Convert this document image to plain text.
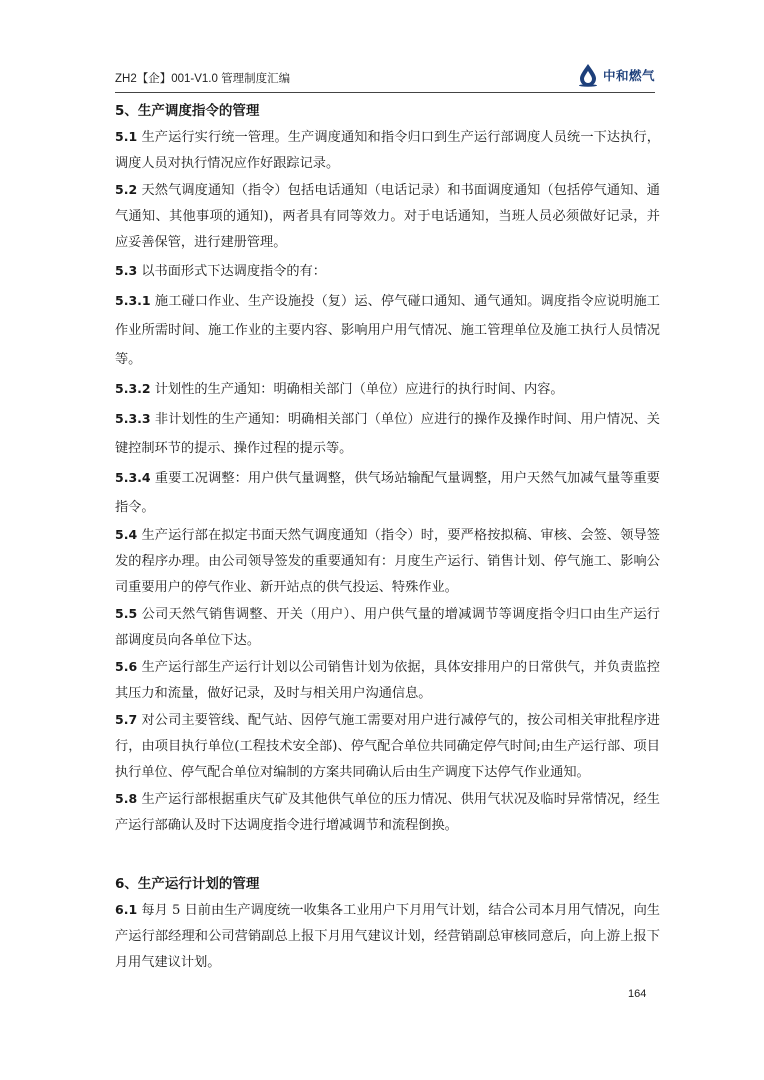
ZH2【企】001-V1.0 管理制度汇编	中和燃气

5、生产调度指令的管理

5.1 生产运行实行统一管理。生产调度通知和指令归口到生产运行部调度人员统一下达执行，调度人员对执行情况应作好跟踪记录。

5.2 天然气调度通知（指令）包括电话通知（电话记录）和书面调度通知（包括停气通知、通气通知、其他事项的通知)，两者具有同等效力。对于电话通知，当班人员必须做好记录，并应妥善保管，进行建册管理。

5.3 以书面形式下达调度指令的有：

5.3.1 施工碰口作业、生产设施投（复）运、停气碰口通知、通气通知。调度指令应说明施工作业所需时间、施工作业的主要内容、影响用户用气情况、施工管理单位及施工执行人员情况等。

5.3.2 计划性的生产通知：明确相关部门（单位）应进行的执行时间、内容。

5.3.3 非计划性的生产通知：明确相关部门（单位）应进行的操作及操作时间、用户情况、关键控制环节的提示、操作过程的提示等。

5.3.4 重要工况调整：用户供气量调整，供气场站输配气量调整，用户天然气加减气量等重要指令。

5.4 生产运行部在拟定书面天然气调度通知（指令）时，要严格按拟稿、审核、会签、领导签发的程序办理。由公司领导签发的重要通知有：月度生产运行、销售计划、停气施工、影响公司重要用户的停气作业、新开站点的供气投运、特殊作业。

5.5 公司天然气销售调整、开关（用户）、用户供气量的增减调节等调度指令归口由生产运行部调度员向各单位下达。

5.6 生产运行部生产运行计划以公司销售计划为依据，具体安排用户的日常供气，并负责监控其压力和流量，做好记录，及时与相关用户沟通信息。

5.7 对公司主要管线、配气站、因停气施工需要对用户进行减停气的，按公司相关审批程序进行，由项目执行单位(工程技术安全部)、停气配合单位共同确定停气时间;由生产运行部、项目执行单位、停气配合单位对编制的方案共同确认后由生产调度下达停气作业通知。

5.8 生产运行部根据重庆气矿及其他供气单位的压力情况、供用气状况及临时异常情况，经生产运行部确认及时下达调度指令进行增减调节和流程倒换。

6、生产运行计划的管理

6.1 每月 5 日前由生产调度统一收集各工业用户下月用气计划，结合公司本月用气情况，向生产运行部经理和公司营销副总上报下月用气建议计划，经营销副总审核同意后，向上游上报下月用气建议计划。

164
